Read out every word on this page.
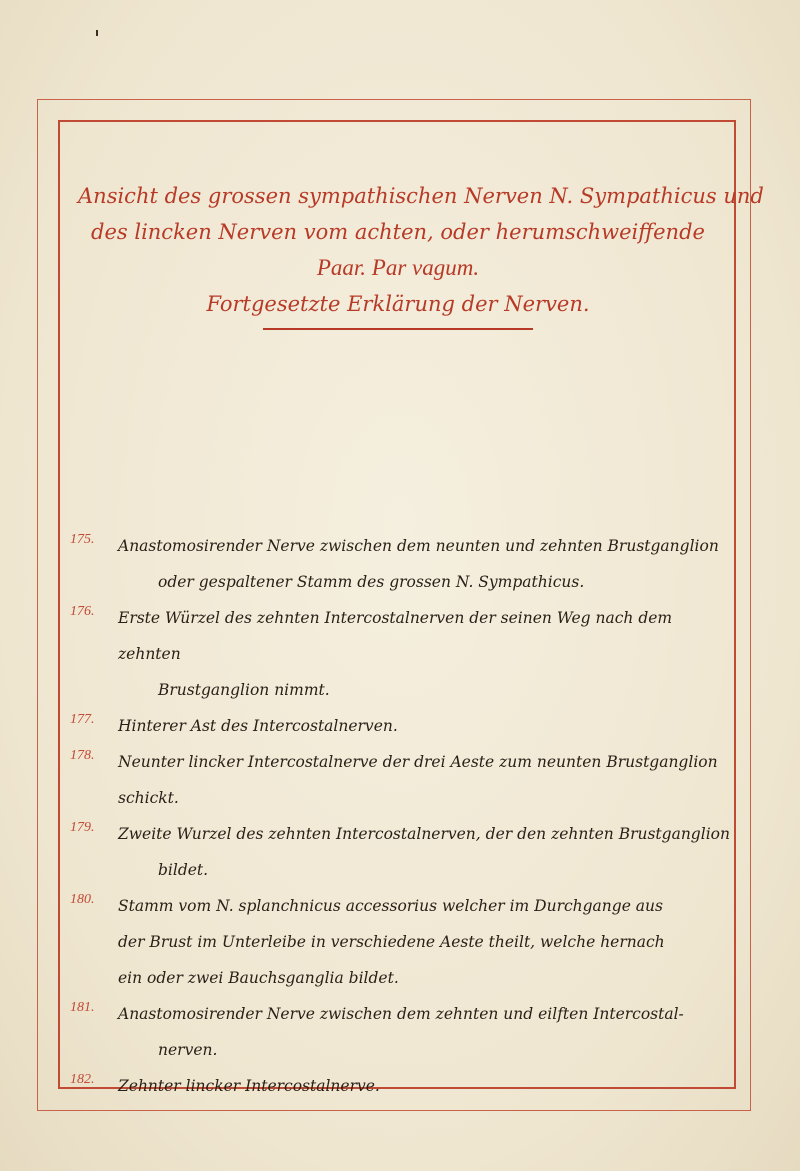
Ansicht des grossen sympathischen Nerven N. Sympathicus und
des lincken Nerven vom achten, oder herumschweiffende
Paar. Par vagum.
Fortgesetzte Erklärung der Nerven.
175. Anastomosirender Nerve zwischen dem neunten und zehnten Brustganglion
oder gespaltener Stamm des grossen N. Sympathicus.
176. Erste Würzel des zehnten Intercostalnerven der seinen Weg nach dem zehnten
Brustganglion nimmt.
177. Hinterer Ast des Intercostalnerven.
178. Neunter lincker Intercostalnerve der drei Aeste zum neunten Brustganglion schickt.
179. Zweite Wurzel des zehnten Intercostalnerven, der den zehnten Brustganglion
bildet.
180. Stamm vom N. splanchnicus accessorius welcher im Durchgange aus
der Brust im Unterleibe in verschiedene Aeste theilt, welche hernach
ein oder zwei Bauchsganglia bildet.
181. Anastomosirender Nerve zwischen dem zehnten und eilften Intercostal-
nerven.
182. Zehnter lincker Intercostalnerve.
